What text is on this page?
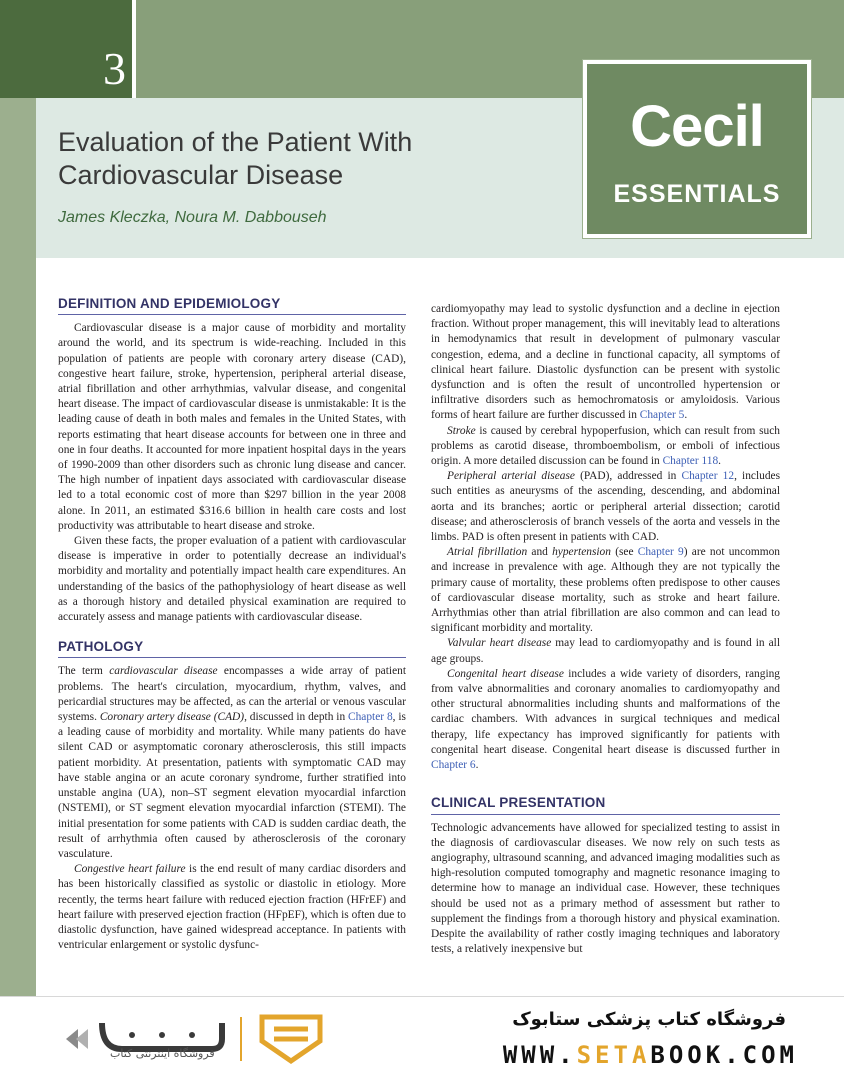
3
Evaluation of the Patient With Cardiovascular Disease
James Kleczka, Noura M. Dabbouseh
Cecil
ESSENTIALS
DEFINITION AND EPIDEMIOLOGY

Cardiovascular disease is a major cause of morbidity and mortality around the world, and its spectrum is wide-reaching. Included in this population of patients are people with coronary artery disease (CAD), congestive heart failure, stroke, hypertension, peripheral arterial disease, atrial fibrillation and other arrhythmias, valvular disease, and congenital heart disease. The impact of cardiovascular disease is unmistakable: It is the leading cause of death in both males and females in the United States, with reports estimating that heart disease accounts for between one in three and one in four deaths. It accounted for more inpatient hospital days in the years of 1990-2009 than other disorders such as chronic lung disease and cancer. The high number of inpatient days associated with cardiovascular disease led to a total economic cost of more than $297 billion in the year 2008 alone. In 2011, an estimated $316.6 billion in health care costs and lost productivity was attributable to heart disease and stroke.

Given these facts, the proper evaluation of a patient with cardiovascular disease is imperative in order to potentially decrease an individual's morbidity and mortality and potentially impact health care expenditures. An understanding of the basics of the pathophysiology of heart disease as well as a thorough history and detailed physical examination are required to accurately assess and manage patients with cardiovascular disease.

PATHOLOGY

The term cardiovascular disease encompasses a wide array of patient problems. The heart's circulation, myocardium, rhythm, valves, and pericardial structures may be affected, as can the arterial or venous vascular systems. Coronary artery disease (CAD), discussed in depth in Chapter 8, is a leading cause of morbidity and mortality. While many patients do have silent CAD or asymptomatic coronary atherosclerosis, this still impacts patient morbidity. At presentation, patients with symptomatic CAD may have stable angina or an acute coronary syndrome, further stratified into unstable angina (UA), non–ST segment elevation myocardial infarction (NSTEMI), or ST segment elevation myocardial infarction (STEMI). The initial presentation for some patients with CAD is sudden cardiac death, the result of arrhythmia often caused by atherosclerosis of the coronary vasculature.

Congestive heart failure is the end result of many cardiac disorders and has been historically classified as systolic or diastolic in etiology. More recently, the terms heart failure with reduced ejection fraction (HFrEF) and heart failure with preserved ejection fraction (HFpEF), which is often due to diastolic dysfunction, have gained widespread acceptance. In patients with ventricular enlargement or systolic dysfunc-

cardiomyopathy may lead to systolic dysfunction and a decline in ejection fraction. Without proper management, this will inevitably lead to alterations in hemodynamics that result in development of pulmonary vascular congestion, edema, and a decline in functional capacity, all symptoms of clinical heart failure. Diastolic dysfunction can be present with systolic dysfunction and is often the result of uncontrolled hypertension or infiltrative disorders such as hemochromatosis or amyloidosis. Various forms of heart failure are further discussed in Chapter 5.

Stroke is caused by cerebral hypoperfusion, which can result from such problems as carotid disease, thromboembolism, or emboli of infectious origin. A more detailed discussion can be found in Chapter 118.

Peripheral arterial disease (PAD), addressed in Chapter 12, includes such entities as aneurysms of the ascending, descending, and abdominal aorta and its branches; aortic or peripheral arterial dissection; carotid disease; and atherosclerosis of branch vessels of the aorta and vessels in the limbs. PAD is often present in patients with CAD.

Atrial fibrillation and hypertension (see Chapter 9) are not uncommon and increase in prevalence with age. Although they are not typically the primary cause of mortality, these problems often predispose to other causes of cardiovascular disease mortality, such as stroke and heart failure. Arrhythmias other than atrial fibrillation are also common and can lead to significant morbidity and mortality.

Valvular heart disease may lead to cardiomyopathy and is found in all age groups.

Congenital heart disease includes a wide variety of disorders, ranging from valve abnormalities and coronary anomalies to cardiomyopathy and other structural abnormalities including shunts and malformations of the cardiac chambers. With advances in surgical techniques and medical therapy, life expectancy has improved significantly for patients with congenital heart disease. Congenital heart disease is discussed further in Chapter 6.

CLINICAL PRESENTATION

Technologic advancements have allowed for specialized testing to assist in the diagnosis of cardiovascular diseases. We now rely on such tests as angiography, ultrasound scanning, and advanced imaging modalities such as high-resolution computed tomography and magnetic resonance imaging to determine how to manage an individual case. However, these techniques should be used not as a primary method of assessment but rather to supplement the findings from a thorough history and physical examination. Despite the availability of rather costly imaging techniques and laboratory tests, a relatively inexpensive but

فروشگاه اینترنتی کتاب
فروشگاه کتاب پزشکی ستابوک
WWW.SETABOOK.COM
